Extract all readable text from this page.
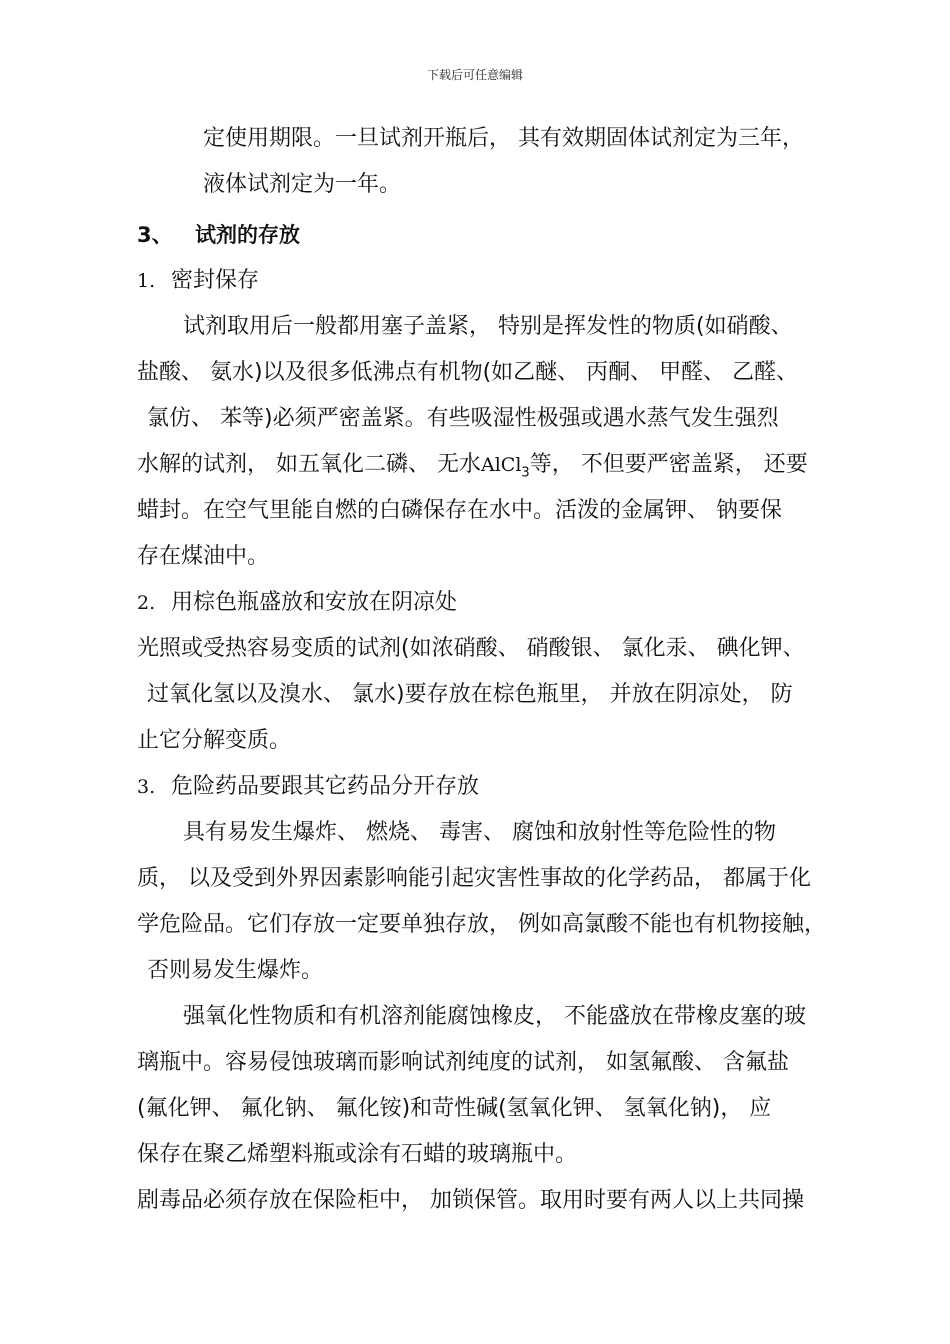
下载后可任意编辑
定使用期限。一旦试剂开瓶后， 其有效期固体试剂定为三年，
液体试剂定为一年。
3、 试剂的存放
1. 密封保存
试剂取用后一般都用塞子盖紧， 特别是挥发性的物质(如硝酸、
盐酸、 氨水)以及很多低沸点有机物(如乙醚、 丙酮、 甲醛、 乙醛、
氯仿、 苯等)必须严密盖紧。有些吸湿性极强或遇水蒸气发生强烈
水解的试剂， 如五氧化二磷、 无水AlCl$_3$等， 不但要严密盖紧， 还要
蜡封。在空气里能自燃的白磷保存在水中。活泼的金属钾、 钠要保
存在煤油中。
2. 用棕色瓶盛放和安放在阴凉处
光照或受热容易变质的试剂(如浓硝酸、 硝酸银、 氯化汞、 碘化钾、
过氧化氢以及溴水、 氯水)要存放在棕色瓶里， 并放在阴凉处， 防
止它分解变质。
3. 危险药品要跟其它药品分开存放
具有易发生爆炸、 燃烧、 毒害、 腐蚀和放射性等危险性的物
质， 以及受到外界因素影响能引起灾害性事故的化学药品， 都属于化
学危险品。它们存放一定要单独存放， 例如高氯酸不能也有机物接触，
否则易发生爆炸。
强氧化性物质和有机溶剂能腐蚀橡皮， 不能盛放在带橡皮塞的玻
璃瓶中。容易侵蚀玻璃而影响试剂纯度的试剂， 如氢氟酸、 含氟盐
(氟化钾、 氟化钠、 氟化铵)和苛性碱(氢氧化钾、 氢氧化钠)， 应
保存在聚乙烯塑料瓶或涂有石蜡的玻璃瓶中。
剧毒品必须存放在保险柜中， 加锁保管。取用时要有两人以上共同操
